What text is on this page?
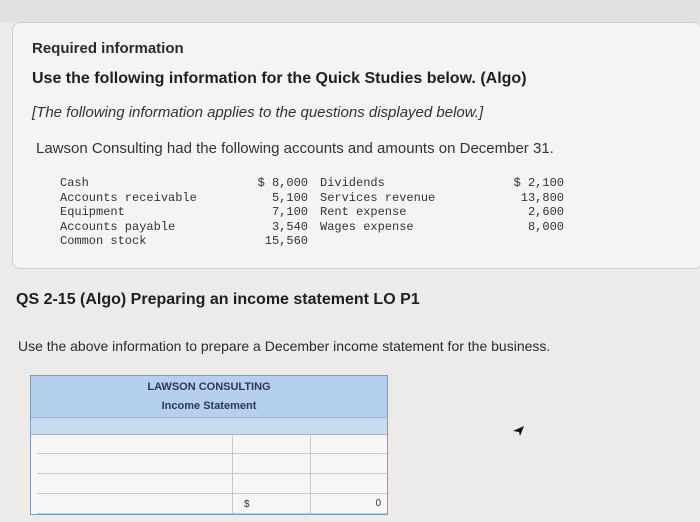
Required information
Use the following information for the Quick Studies below. (Algo)
[The following information applies to the questions displayed below.]
Lawson Consulting had the following accounts and amounts on December 31.
Cash	$ 8,000	Dividends	$ 2,100
Accounts receivable	5,100	Services revenue	13,800
Equipment	7,100	Rent expense	2,600
Accounts payable	3,540	Wages expense	8,000
Common stock	15,560
QS 2-15 (Algo) Preparing an income statement LO P1
Use the above information to prepare a December income statement for the business.
LAWSON CONSULTING
Income Statement
$	0
